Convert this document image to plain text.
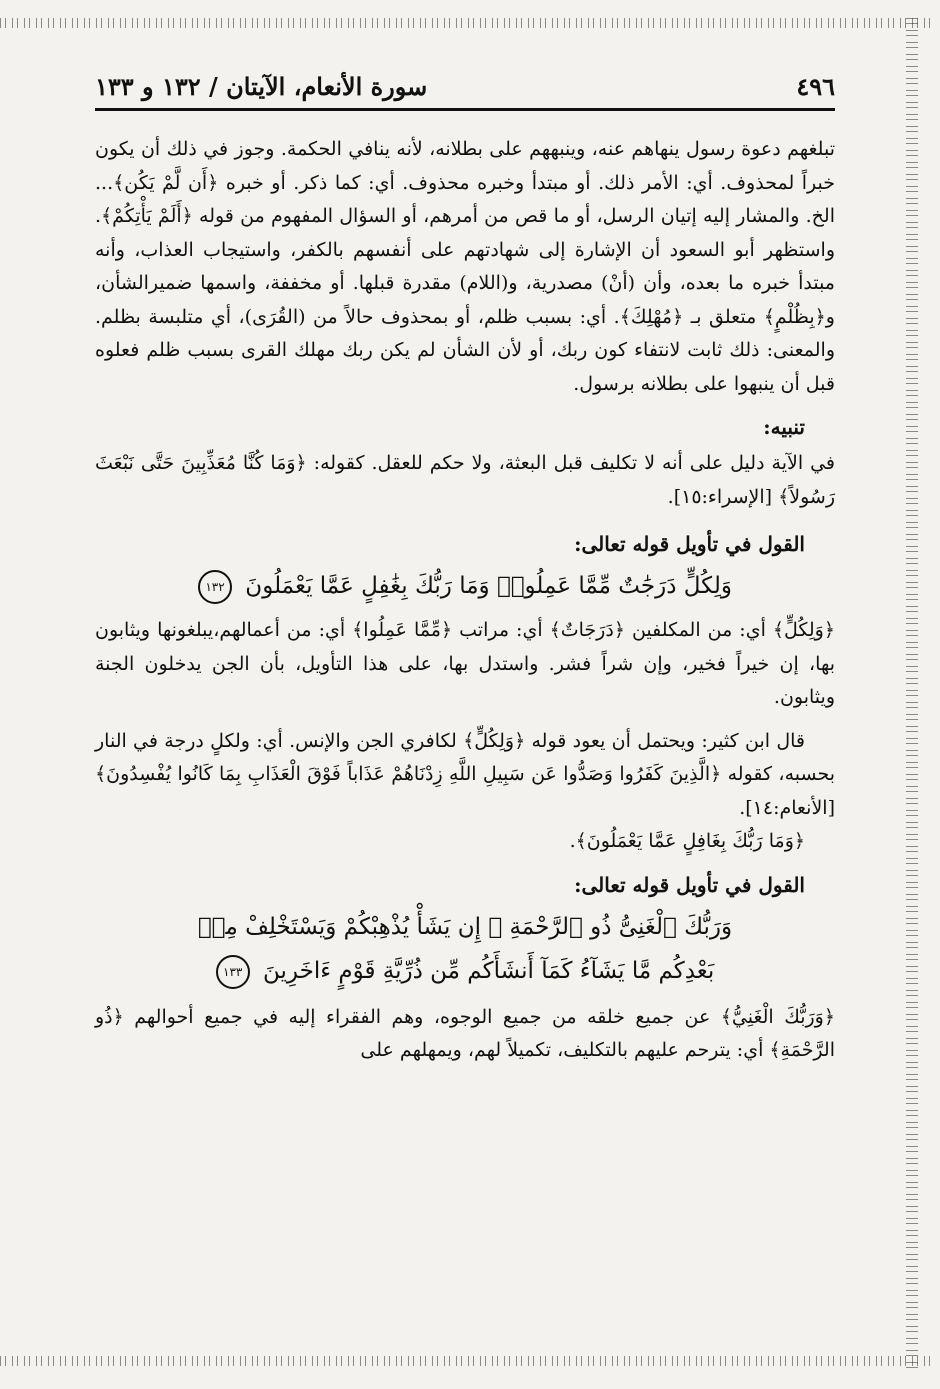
٤٩٦
سورة الأنعام، الآيتان / ١٣٢ و ١٣٣

تبلغهم دعوة رسول ينهاهم عنه، وينبههم على بطلانه، لأنه ينافي الحكمة. وجوز في ذلك أن يكون خبراً لمحذوف. أي: الأمر ذلك. أو مبتدأ وخبره محذوف. أي: كما ذكر. أو خبره ﴿أَن لَّمْ يَكُن﴾... الخ. والمشار إليه إتيان الرسل، أو ما قص من أمرهم، أو السؤال المفهوم من قوله ﴿أَلَمْ يَأْتِكُمْ﴾. واستظهر أبو السعود أن الإشارة إلى شهادتهم على أنفسهم بالكفر، واستيجاب العذاب، وأنه مبتدأ خبره ما بعده، وأن (أنْ) مصدرية، و(اللام) مقدرة قبلها. أو مخففة، واسمها ضميرالشأن، و﴿بِظُلْمٍ﴾ متعلق بـ ﴿مُهْلِكَ﴾. أي: بسبب ظلم، أو بمحذوف حالاً من (القُرَى)، أي متلبسة بظلم. والمعنى: ذلك ثابت لانتفاء كون ربك، أو لأن الشأن لم يكن ربك مهلك القرى بسبب ظلم فعلوه قبل أن ينبهوا على بطلانه برسول.

تنبيه:

في الآية دليل على أنه لا تكليف قبل البعثة، ولا حكم للعقل. كقوله: ﴿وَمَا كُنَّا مُعَذِّبِينَ حَتَّى نَبْعَثَ رَسُولاً﴾ [الإسراء:١٥].

القول في تأويل قوله تعالى:
وَلِكُلٍّ دَرَجَٰتٌ مِّمَّا عَمِلُوا۟ وَمَا رَبُّكَ بِغَٰفِلٍ عَمَّا يَعْمَلُونَ ١٣٢

﴿وَلِكُلٍّ﴾ أي: من المكلفين ﴿دَرَجَاتٌ﴾ أي: مراتب ﴿مِّمَّا عَمِلُوا﴾ أي: من أعمالهم،يبلغونها ويثابون بها، إن خيراً فخير، وإن شراً فشر. واستدل بها، على هذا التأويل، بأن الجن يدخلون الجنة ويثابون.

قال ابن كثير: ويحتمل أن يعود قوله ﴿وَلِكُلٍّ﴾ لكافري الجن والإنس. أي: ولكلٍ درجة في النار بحسبه، كقوله ﴿الَّذِينَ كَفَرُوا وَصَدُّوا عَن سَبِيلِ اللَّهِ زِدْنَاهُمْ عَذَاباً فَوْقَ الْعَذَابِ بِمَا كَانُوا يُفْسِدُونَ﴾ [الأنعام:١٤].

﴿وَمَا رَبُّكَ بِغَافِلٍ عَمَّا يَعْمَلُونَ﴾.

القول في تأويل قوله تعالى:
وَرَبُّكَ ٱلْغَنِىُّ ذُو ٱلرَّحْمَةِ ۚ إِن يَشَأْ يُذْهِبْكُمْ وَيَسْتَخْلِفْ مِنۢ
بَعْدِكُم مَّا يَشَآءُ كَمَآ أَنشَأَكُم مِّن ذُرِّيَّةِ قَوْمٍ ءَاخَرِينَ ١٣٣

﴿وَرَبُّكَ الْغَنِيُّ﴾ عن جميع خلقه من جميع الوجوه، وهم الفقراء إليه في جميع أحوالهم ﴿ذُو الرَّحْمَةِ﴾ أي: يترحم عليهم بالتكليف، تكميلاً لهم، ويمهلهم على
